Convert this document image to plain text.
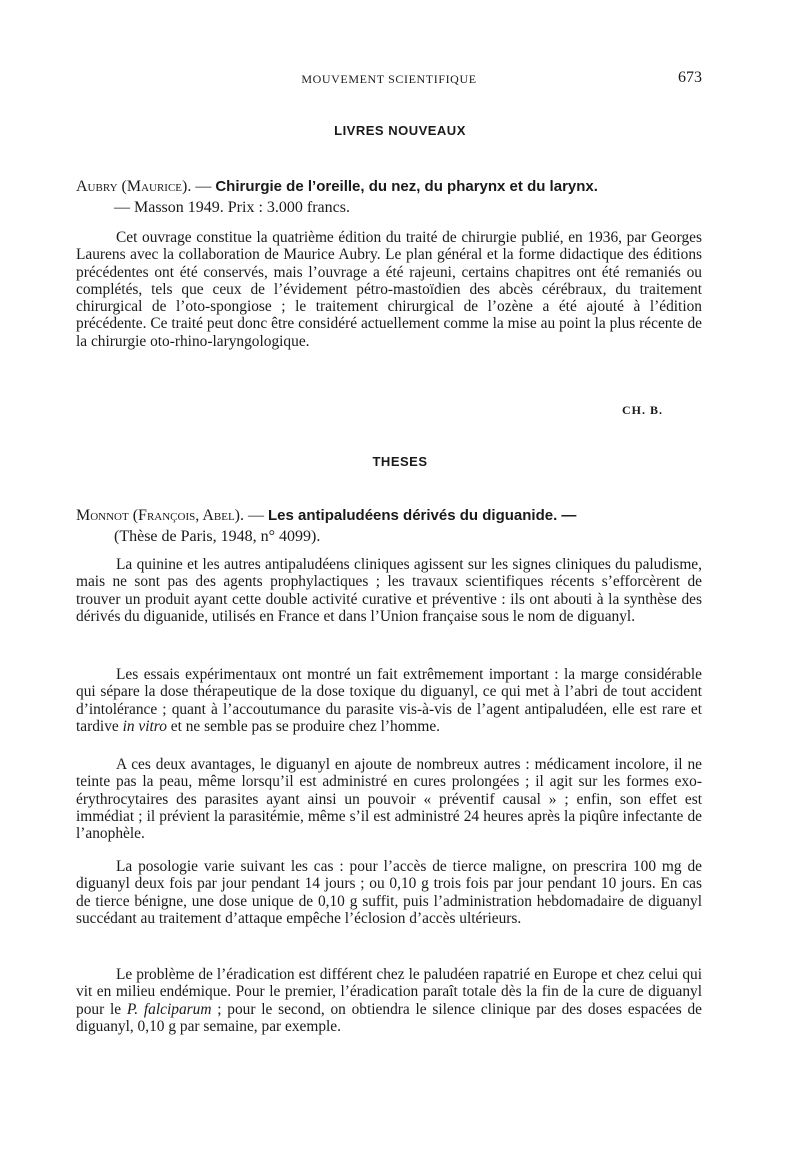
MOUVEMENT SCIENTIFIQUE	673
LIVRES NOUVEAUX
Aubry (Maurice). — Chirurgie de l’oreille, du nez, du pharynx et du larynx.
— Masson 1949. Prix : 3.000 francs.

Cet ouvrage constitue la quatrième édition du traité de chirurgie publié, en 1936, par Georges Laurens avec la collaboration de Maurice Aubry. Le plan général et la forme didactique des éditions précédentes ont été conservés, mais l’ouvrage a été rajeuni, certains chapitres ont été remaniés ou complétés, tels que ceux de l’évidement pétro-mastoïdien des abcès cérébraux, du traitement chirurgical de l’oto-spongiose ; le traitement chirurgical de l’ozène a été ajouté à l’édition précédente. Ce traité peut donc être considéré actuellement comme la mise au point la plus récente de la chirurgie oto-rhino-laryngologique.

CH. B.
THESES
Monnot (François, Abel). — Les antipaludéens dérivés du diguanide. —
(Thèse de Paris, 1948, n° 4099).

La quinine et les autres antipaludéens cliniques agissent sur les signes cliniques du paludisme, mais ne sont pas des agents prophylactiques ; les travaux scientifiques récents s’efforcèrent de trouver un produit ayant cette double activité curative et préventive : ils ont abouti à la synthèse des dérivés du diguanide, utilisés en France et dans l’Union française sous le nom de diguanyl.

Les essais expérimentaux ont montré un fait extrêmement important : la marge considérable qui sépare la dose thérapeutique de la dose toxique du diguanyl, ce qui met à l’abri de tout accident d’intolérance ; quant à l’accoutumance du parasite vis-à-vis de l’agent antipaludéen, elle est rare et tardive in vitro et ne semble pas se produire chez l’homme.

A ces deux avantages, le diguanyl en ajoute de nombreux autres : médicament incolore, il ne teinte pas la peau, même lorsqu’il est administré en cures prolongées ; il agit sur les formes exo-érythrocytaires des parasites ayant ainsi un pouvoir « préventif causal » ; enfin, son effet est immédiat ; il prévient la parasitémie, même s’il est administré 24 heures après la piqûre infectante de l’anophèle.

La posologie varie suivant les cas : pour l’accès de tierce maligne, on prescrira 100 mg de diguanyl deux fois par jour pendant 14 jours ; ou 0,10 g trois fois par jour pendant 10 jours. En cas de tierce bénigne, une dose unique de 0,10 g suffit, puis l’administration hebdomadaire de diguanyl succédant au traitement d’attaque empêche l’éclosion d’accès ultérieurs.

Le problème de l’éradication est différent chez le paludéen rapatrié en Europe et chez celui qui vit en milieu endémique. Pour le premier, l’éradication paraît totale dès la fin de la cure de diguanyl pour le P. falciparum ; pour le second, on obtiendra le silence clinique par des doses espacées de diguanyl, 0,10 g par semaine, par exemple.
